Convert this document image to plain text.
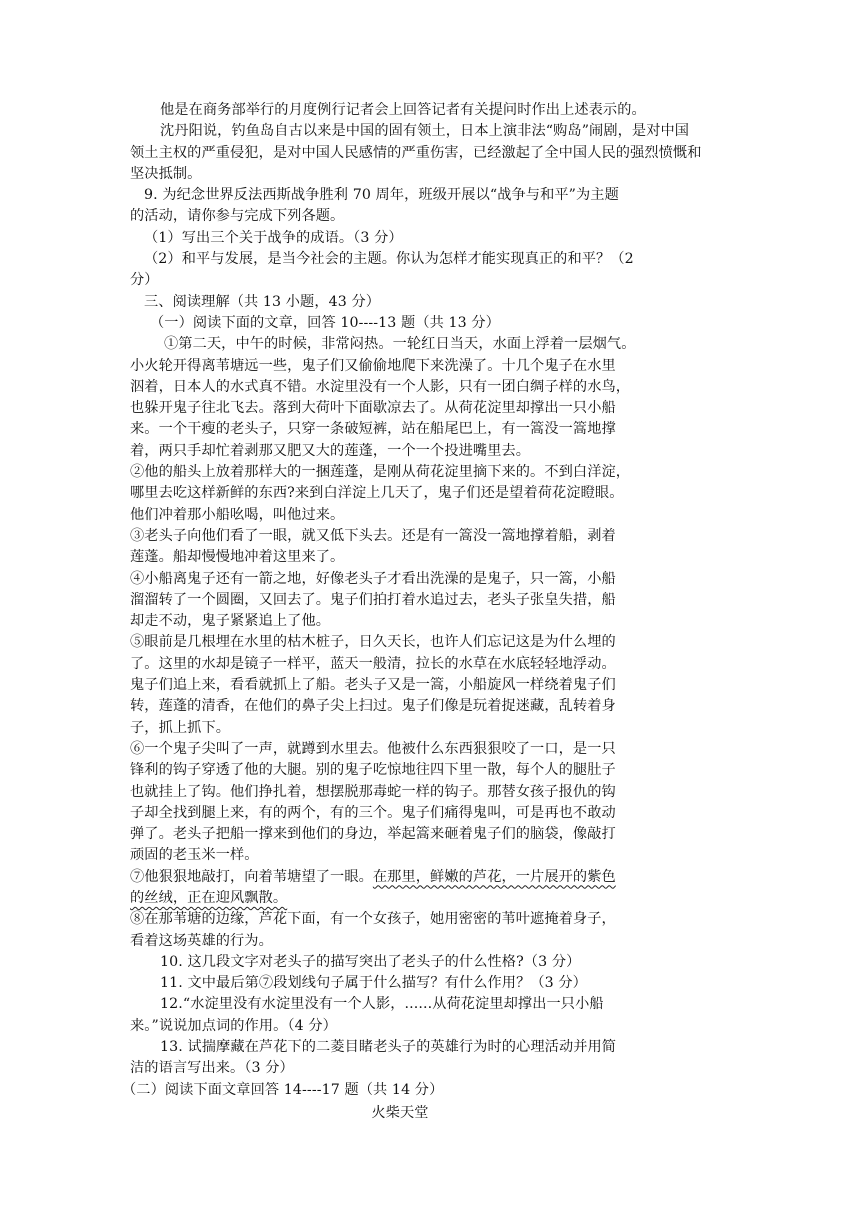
他是在商务部举行的月度例行记者会上回答记者有关提问时作出上述表示的。
沈丹阳说，钓鱼岛自古以来是中国的固有领土，日本上演非法“购岛”闹剧，是对中国
领土主权的严重侵犯，是对中国人民感情的严重伤害，已经激起了全中国人民的强烈愤慨和
坚决抵制。
9. 为纪念世界反法西斯战争胜利 70 周年，班级开展以“战争与和平”为主题
的活动，请你参与完成下列各题。
（1）写出三个关于战争的成语。（3 分）
（2）和平与发展，是当今社会的主题。你认为怎样才能实现真正的和平？（2
分）
三、阅读理解（共 13 小题，43 分）
（一）阅读下面的文章，回答 10----13 题（共 13 分）
①第二天，中午的时候，非常闷热。一轮红日当天，水面上浮着一层烟气。
小火轮开得离苇塘远一些，鬼子们又偷偷地爬下来洗澡了。十几个鬼子在水里
泅着，日本人的水式真不错。水淀里没有一个人影，只有一团白绸子样的水鸟，
也躲开鬼子往北飞去。落到大荷叶下面歇凉去了。从荷花淀里却撑出一只小船
来。一个干瘦的老头子，只穿一条破短裤，站在船尾巴上，有一篙没一篙地撑
着，两只手却忙着剥那又肥又大的莲蓬，一个一个投进嘴里去。
②他的船头上放着那样大的一捆莲蓬，是刚从荷花淀里摘下来的。不到白洋淀，
哪里去吃这样新鲜的东西?来到白洋淀上几天了，鬼子们还是望着荷花淀瞪眼。
他们冲着那小船吆喝，叫他过来。
③老头子向他们看了一眼，就又低下头去。还是有一篙没一篙地撑着船，剥着
莲蓬。船却慢慢地冲着这里来了。
④小船离鬼子还有一箭之地，好像老头子才看出洗澡的是鬼子，只一篙，小船
溜溜转了一个圆圈，又回去了。鬼子们拍打着水追过去，老头子张皇失措，船
却走不动，鬼子紧紧追上了他。
⑤眼前是几根埋在水里的枯木桩子，日久天长，也许人们忘记这是为什么埋的
了。这里的水却是镜子一样平，蓝天一般清，拉长的水草在水底轻轻地浮动。
鬼子们追上来，看看就抓上了船。老头子又是一篙，小船旋风一样绕着鬼子们
转，莲蓬的清香，在他们的鼻子尖上扫过。鬼子们像是玩着捉迷藏，乱转着身
子，抓上抓下。
⑥一个鬼子尖叫了一声，就蹲到水里去。他被什么东西狠狠咬了一口，是一只
锋利的钩子穿透了他的大腿。别的鬼子吃惊地往四下里一散，每个人的腿肚子
也就挂上了钩。他们挣扎着，想摆脱那毒蛇一样的钩子。那替女孩子报仇的钩
子却全找到腿上来，有的两个，有的三个。鬼子们痛得鬼叫，可是再也不敢动
弹了。老头子把船一撑来到他们的身边，举起篙来砸着鬼子们的脑袋，像敲打
顽固的老玉米一样。
⑦他狠狠地敲打，向着苇塘望了一眼。在那里，鲜嫩的芦花，一片展开的紫色
的丝绒，正在迎风飘散。
⑧在那苇塘的边缘，芦花下面，有一个女孩子，她用密密的苇叶遮掩着身子，
看着这场英雄的行为。
10. 这几段文字对老头子的描写突出了老头子的什么性格?（3 分）
11. 文中最后第⑦段划线句子属于什么描写？有什么作用？（3 分）
12.“水淀里没有水淀里没有一个人影，......从荷花淀里却撑出一只小船
来。”说说加点词的作用。（4 分）
13. 试揣摩藏在芦花下的二菱目睹老头子的英雄行为时的心理活动并用简
洁的语言写出来。（3 分）
（二）阅读下面文章回答 14----17 题（共 14 分）
火柴天堂
